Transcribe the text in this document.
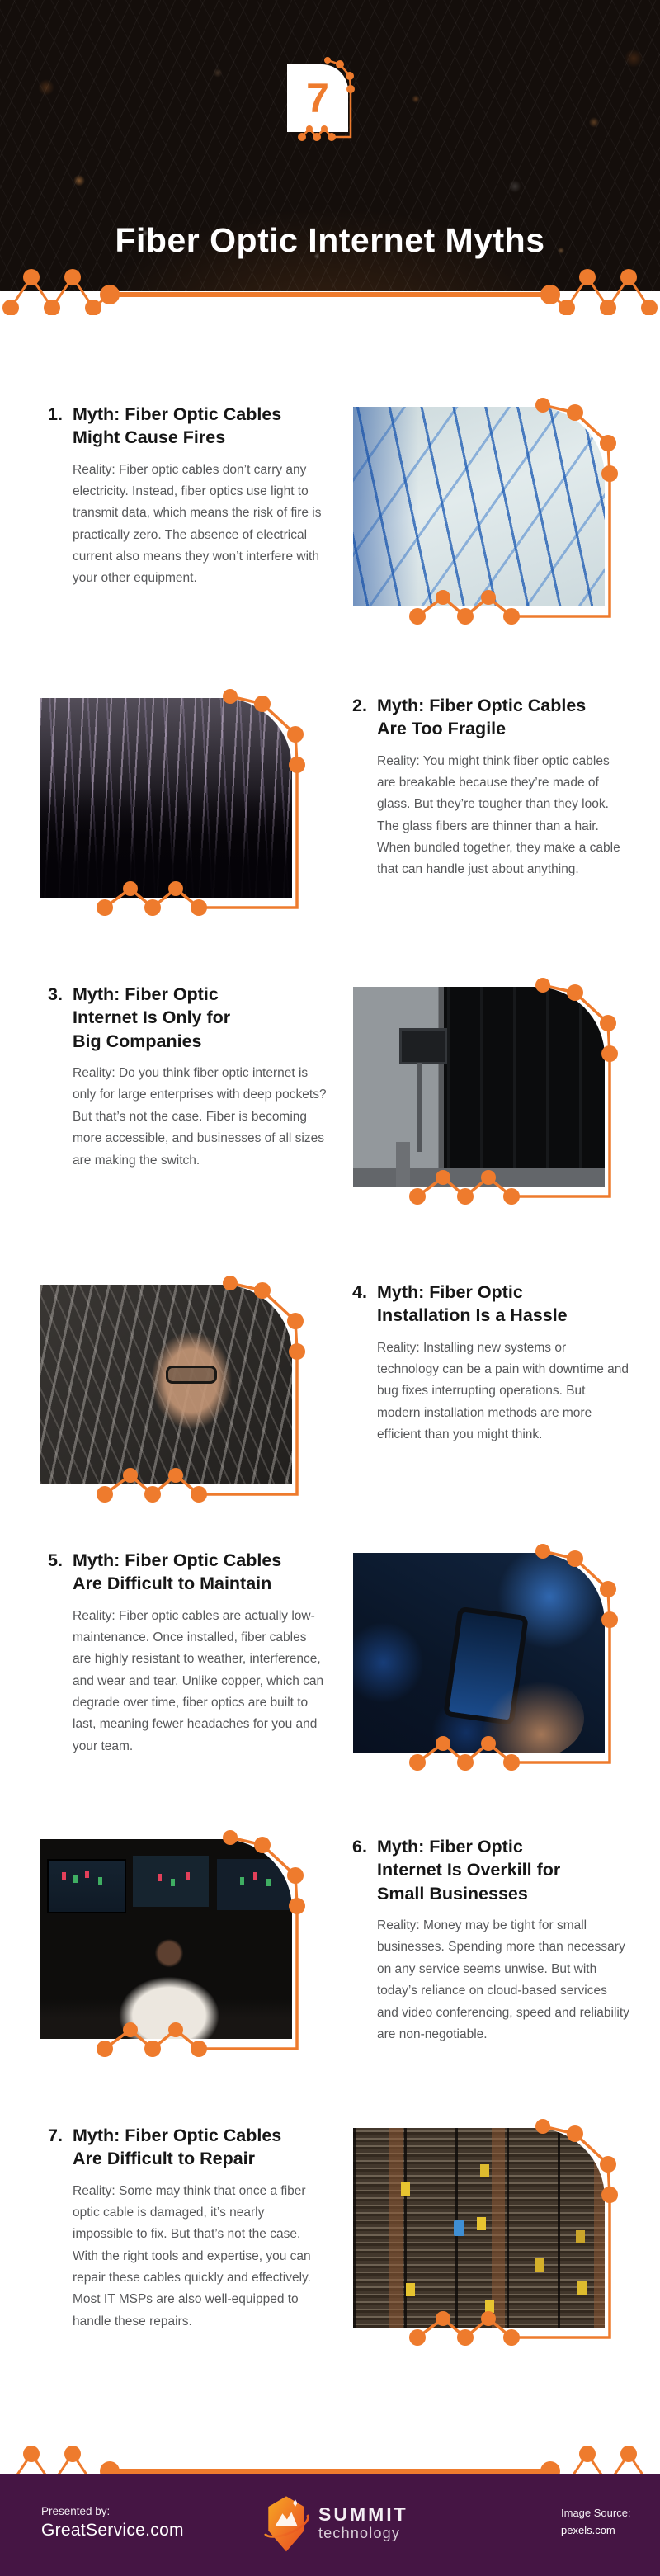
7
Fiber Optic Internet Myths
1. Myth: Fiber Optic Cables
Might Cause Fires

Reality: Fiber optic cables don’t carry any electricity. Instead, fiber optics use light to transmit data, which means the risk of fire is practically zero. The absence of electrical current also means they won’t interfere with your other equipment.

2. Myth: Fiber Optic Cables
Are Too Fragile

Reality: You might think fiber optic cables are breakable because they’re made of glass. But they’re tougher than they look. The glass fibers are thinner than a hair. When bundled together, they make a cable that can handle just about anything.

3. Myth: Fiber Optic
Internet Is Only for
Big Companies

Reality: Do you think fiber optic internet is only for large enterprises with deep pockets? But that’s not the case. Fiber is becoming more accessible, and businesses of all sizes are making the switch.

4. Myth: Fiber Optic
Installation Is a Hassle

Reality: Installing new systems or technology can be a pain with downtime and bug fixes interrupting operations. But modern installation methods are more efficient than you might think.

5. Myth: Fiber Optic Cables
Are Difficult to Maintain

Reality: Fiber optic cables are actually low-maintenance. Once installed, fiber cables are highly resistant to weather, interference, and wear and tear. Unlike copper, which can degrade over time, fiber optics are built to last, meaning fewer headaches for you and your team.

6. Myth: Fiber Optic
Internet Is Overkill for
Small Businesses

Reality: Money may be tight for small businesses. Spending more than necessary on any service seems unwise. But with today’s reliance on cloud-based services and video conferencing, speed and reliability are non-negotiable.

7. Myth: Fiber Optic Cables
Are Difficult to Repair

Reality: Some may think that once a fiber optic cable is damaged, it’s nearly impossible to fix. But that’s not the case. With the right tools and expertise, you can repair these cables quickly and effectively. Most IT MSPs are also well-equipped to handle these repairs.

Presented by:
GreatService.com
SUMMIT
technology
Image Source:
pexels.com
